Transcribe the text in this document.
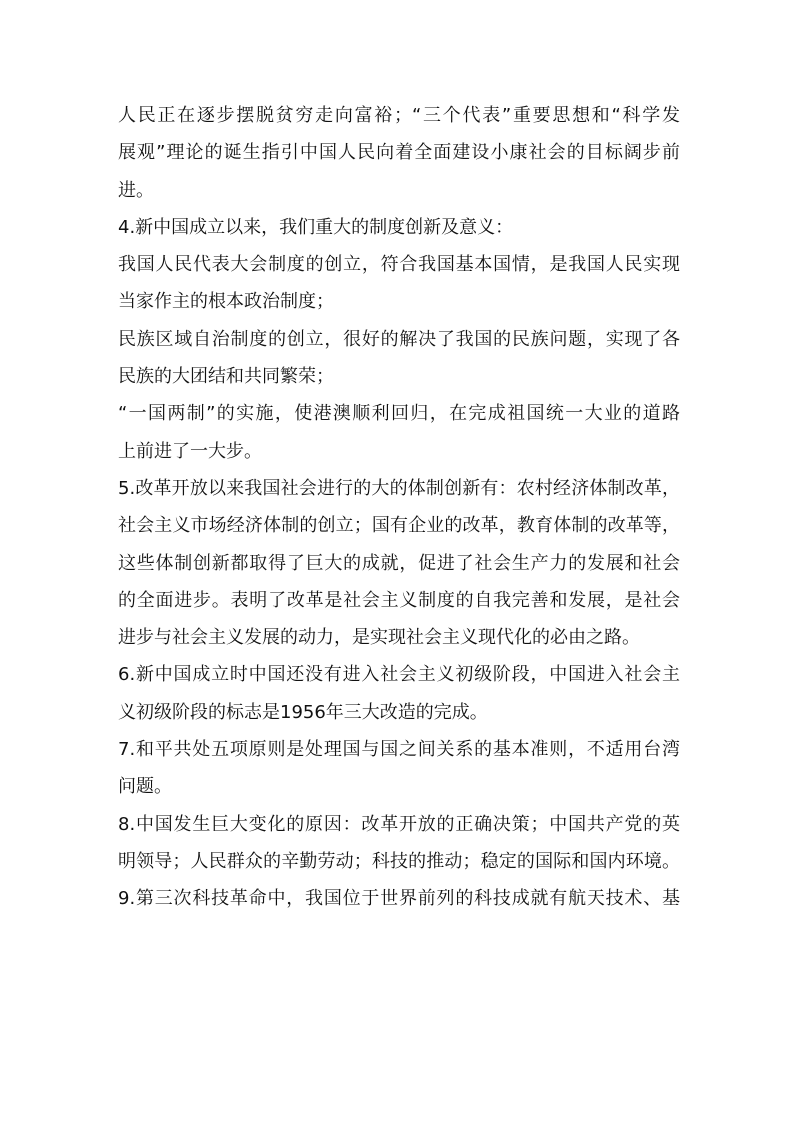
人民正在逐步摆脱贫穷走向富裕；“三个代表”重要思想和“科学发
展观”理论的诞生指引中国人民向着全面建设小康社会的目标阔步前
进。
4.新中国成立以来，我们重大的制度创新及意义：
我国人民代表大会制度的创立，符合我国基本国情，是我国人民实现
当家作主的根本政治制度；
民族区域自治制度的创立，很好的解决了我国的民族问题，实现了各
民族的大团结和共同繁荣；
“一国两制”的实施，使港澳顺利回归，在完成祖国统一大业的道路
上前进了一大步。
5.改革开放以来我国社会进行的大的体制创新有：农村经济体制改革，
社会主义市场经济体制的创立；国有企业的改革，教育体制的改革等，
这些体制创新都取得了巨大的成就，促进了社会生产力的发展和社会
的全面进步。表明了改革是社会主义制度的自我完善和发展，是社会
进步与社会主义发展的动力，是实现社会主义现代化的必由之路。
6.新中国成立时中国还没有进入社会主义初级阶段，中国进入社会主
义初级阶段的标志是1956年三大改造的完成。
7.和平共处五项原则是处理国与国之间关系的基本准则，不适用台湾
问题。
8.中国发生巨大变化的原因：改革开放的正确决策；中国共产党的英
明领导；人民群众的辛勤劳动；科技的推动；稳定的国际和国内环境。
9.第三次科技革命中，我国位于世界前列的科技成就有航天技术、基
